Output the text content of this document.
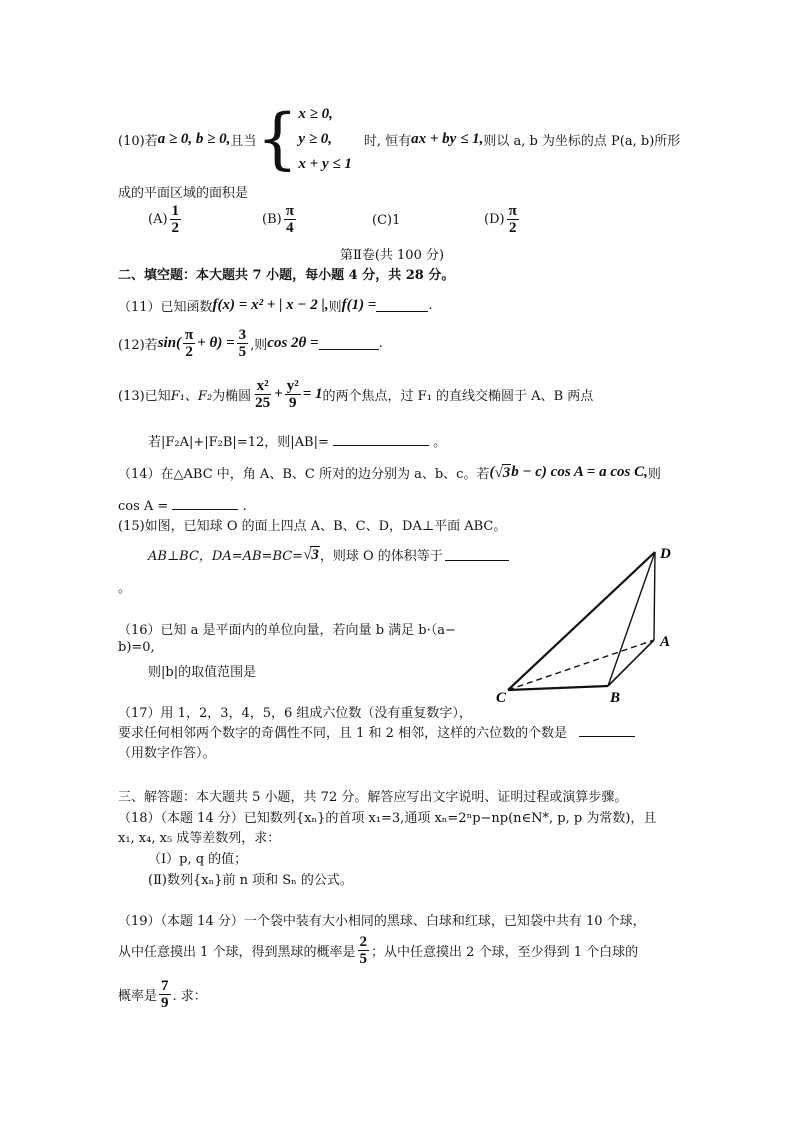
(10)若 a ≥ 0, b ≥ 0, 且当 { x ≥ 0,
y ≥ 0,
x + y ≤ 1
时, 恒有 ax + by ≤ 1, 则以 a, b 为坐标的点 P(a, b)所形
成的平面区域的面积是
$(A) \frac{1}{2}$	$(B) \frac{\pi}{4}$	(C)1	$(D) \frac{\pi}{2}$
第Ⅱ卷(共 100 分)
二、填空题：本大题共 7 小题，每小题 4 分，共 28 分。
（11）已知函数 f(x) = x² + | x − 2 |, 则 f(1) =	.
(12)若 $\sin( \frac{\pi}{2} + \theta) = \frac{3}{5}$ ,则 cos 2θ =	.
(13)已知 F₁、F₂ 为椭圆 $\frac{\text{x²}}{25} + \frac{\text{y²}}{9} = 1$ 的两个焦点，过 F₁ 的直线交椭圆于 A、B 两点
若|F₂A|+|F₂B|=12，则|AB|=	。
（14）在△ABC 中，角 A、B、C 所对的边分别为 a、b、c。若 ( √3 b − c) cos A = a cos C, 则
cos A =	.
(15)如图，已知球 O 的面上四点 A、B、C、D，DA⊥平面 ABC。
AB⊥BC，DA=AB=BC= √3 ，则球 O 的体积等于
。
D
A
B
C
（16）已知 a 是平面内的单位向量，若向量 b 满足 b·（a−
b)=0,
则|b|的取值范围是
（17）用 1，2，3，4，5，6 组成六位数（没有重复数字），
要求任何相邻两个数字的奇偶性不同，且 1 和 2 相邻，这样的六位数的个数是
（用数字作答）。
三、解答题：本大题共 5 小题，共 72 分。解答应写出文字说明、证明过程或演算步骤。
（18）（本题 14 分）已知数列{xₙ}的首项 x₁=3,通项 xₙ=2ⁿp−np(n∈N*, p, p 为常数)，且
x₁, x₄, x₅ 成等差数列，求：
（Ⅰ）p, q 的值；
(Ⅱ)数列{xₙ}前 n 项和 Sₙ 的公式。
（19）（本题 14 分）一个袋中装有大小相同的黑球、白球和红球，已知袋中共有 10 个球，
从中任意摸出 1 个球，得到黑球的概率是 $\frac{2}{5}$ ；从中任意摸出 2 个球，至少得到 1 个白球的
概率是 $\frac{7}{9}$ . 求：
